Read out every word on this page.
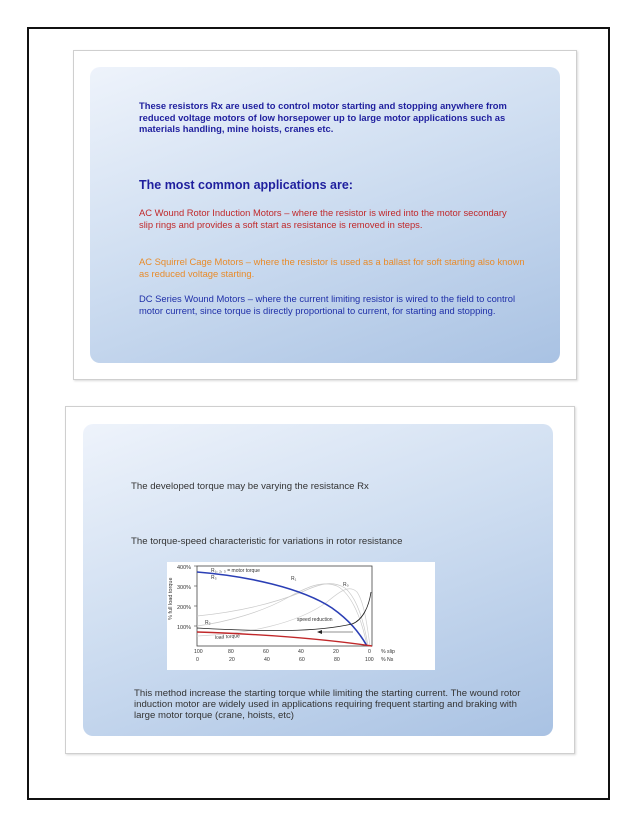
These resistors Rx are used to control motor starting and stopping anywhere from reduced voltage motors of low horsepower up to large motor applications such as materials handling, mine hoists, cranes etc.

The most common applications are:

AC Wound Rotor Induction Motors – where the resistor is wired into the motor secondary slip rings and provides a soft start as resistance is removed in steps.

AC Squirrel Cage Motors – where the resistor is used as a ballast for soft starting also known as reduced voltage starting.

DC Series Wound Motors – where the current limiting resistor is wired to the field to control motor current, since torque is directly proportional to current, for starting and stopping.

The developed torque may be varying the resistance Rx

The torque-speed characteristic for variations in rotor resistance

400%
300%
200%
100%
% full load torque
R₁, ₂, ₃ = motor torque
R₃	R₁
R₀
R₂
load torque
speed reduction
100	80	60	40	20	0 % slip
0	20	40	60	80	100 % Ns

This method increase the starting torque while limiting the starting current. The wound rotor induction motor are widely used in applications requiring frequent starting and braking with large motor torque (crane, hoists, etc)
